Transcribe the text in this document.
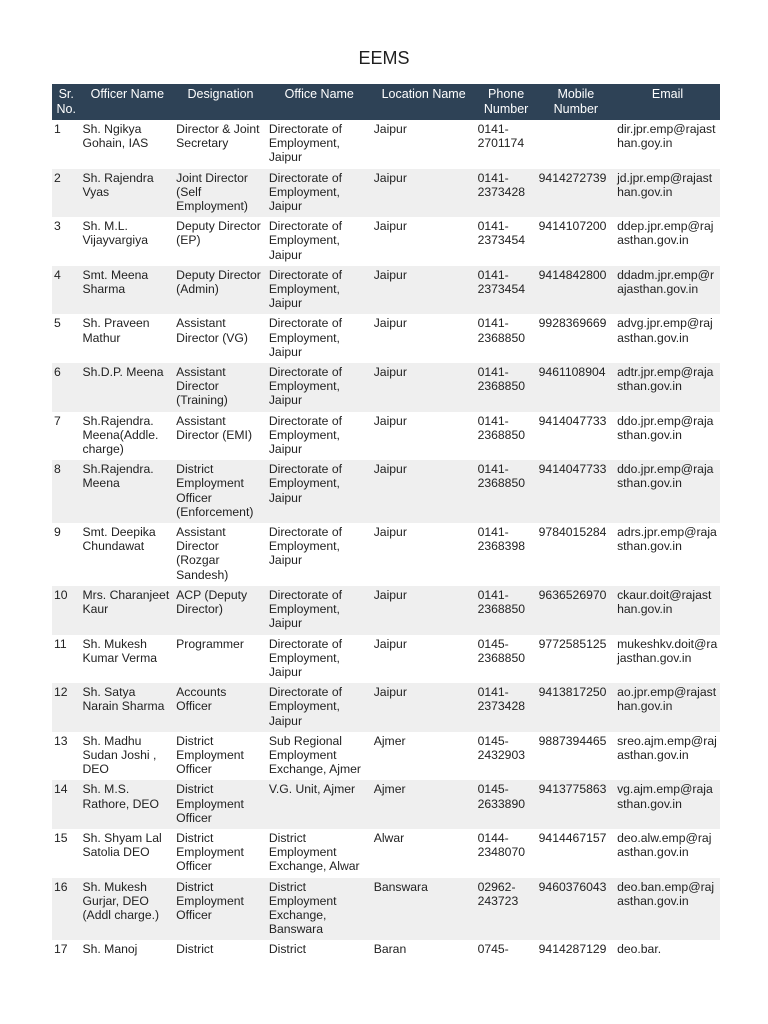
EEMS
Sr. No.	Officer Name	Designation	Office Name	Location Name	Phone Number	Mobile Number	Email
1	Sh. Ngikya Gohain, IAS	Director & Joint Secretary	Directorate of Employment, Jaipur	Jaipur	0141-2701174		dir.jpr.emp@rajasthan.goy.in
2	Sh. Rajendra Vyas	Joint Director (Self Employment)	Directorate of Employment, Jaipur	Jaipur	0141-2373428	9414272739	jd.jpr.emp@rajasthan.gov.in
3	Sh. M.L. Vijayvargiya	Deputy Director (EP)	Directorate of Employment, Jaipur	Jaipur	0141-2373454	9414107200	ddep.jpr.emp@rajasthan.gov.in
4	Smt. Meena Sharma	Deputy Director (Admin)	Directorate of Employment, Jaipur	Jaipur	0141-2373454	9414842800	ddadm.jpr.emp@rajasthan.gov.in
5	Sh. Praveen Mathur	Assistant Director (VG)	Directorate of Employment, Jaipur	Jaipur	0141-2368850	9928369669	advg.jpr.emp@rajasthan.gov.in
6	Sh.D.P. Meena	Assistant Director (Training)	Directorate of Employment, Jaipur	Jaipur	0141-2368850	9461108904	adtr.jpr.emp@rajasthan.gov.in
7	Sh.Rajendra. Meena(Addle. charge)	Assistant Director (EMI)	Directorate of Employment, Jaipur	Jaipur	0141-2368850	9414047733	ddo.jpr.emp@rajasthan.gov.in
8	Sh.Rajendra. Meena	District Employment Officer (Enforcement)	Directorate of Employment, Jaipur	Jaipur	0141-2368850	9414047733	ddo.jpr.emp@rajasthan.gov.in
9	Smt. Deepika Chundawat	Assistant Director (Rozgar Sandesh)	Directorate of Employment, Jaipur	Jaipur	0141-2368398	9784015284	adrs.jpr.emp@rajasthan.gov.in
10	Mrs. Charanjeet Kaur	ACP (Deputy Director)	Directorate of Employment, Jaipur	Jaipur	0141-2368850	9636526970	ckaur.doit@rajasthan.gov.in
11	Sh. Mukesh Kumar Verma	Programmer	Directorate of Employment, Jaipur	Jaipur	0145-2368850	9772585125	mukeshkv.doit@rajasthan.gov.in
12	Sh. Satya Narain Sharma	Accounts Officer	Directorate of Employment, Jaipur	Jaipur	0141-2373428	9413817250	ao.jpr.emp@rajasthan.gov.in
13	Sh. Madhu Sudan Joshi , DEO	District Employment Officer	Sub Regional Employment Exchange, Ajmer	Ajmer	0145-2432903	9887394465	sreo.ajm.emp@rajasthan.gov.in
14	Sh. M.S. Rathore, DEO	District Employment Officer	V.G. Unit, Ajmer	Ajmer	0145-2633890	9413775863	vg.ajm.emp@rajasthan.gov.in
15	Sh. Shyam Lal Satolia DEO	District Employment Officer	District Employment Exchange, Alwar	Alwar	0144-2348070	9414467157	deo.alw.emp@rajasthan.gov.in
16	Sh. Mukesh Gurjar, DEO (Addl charge.)	District Employment Officer	District Employment Exchange, Banswara	Banswara	02962-243723	9460376043	deo.ban.emp@rajasthan.gov.in
17	Sh. Manoj	District	District	Baran	0745-	9414287129	deo.bar.
